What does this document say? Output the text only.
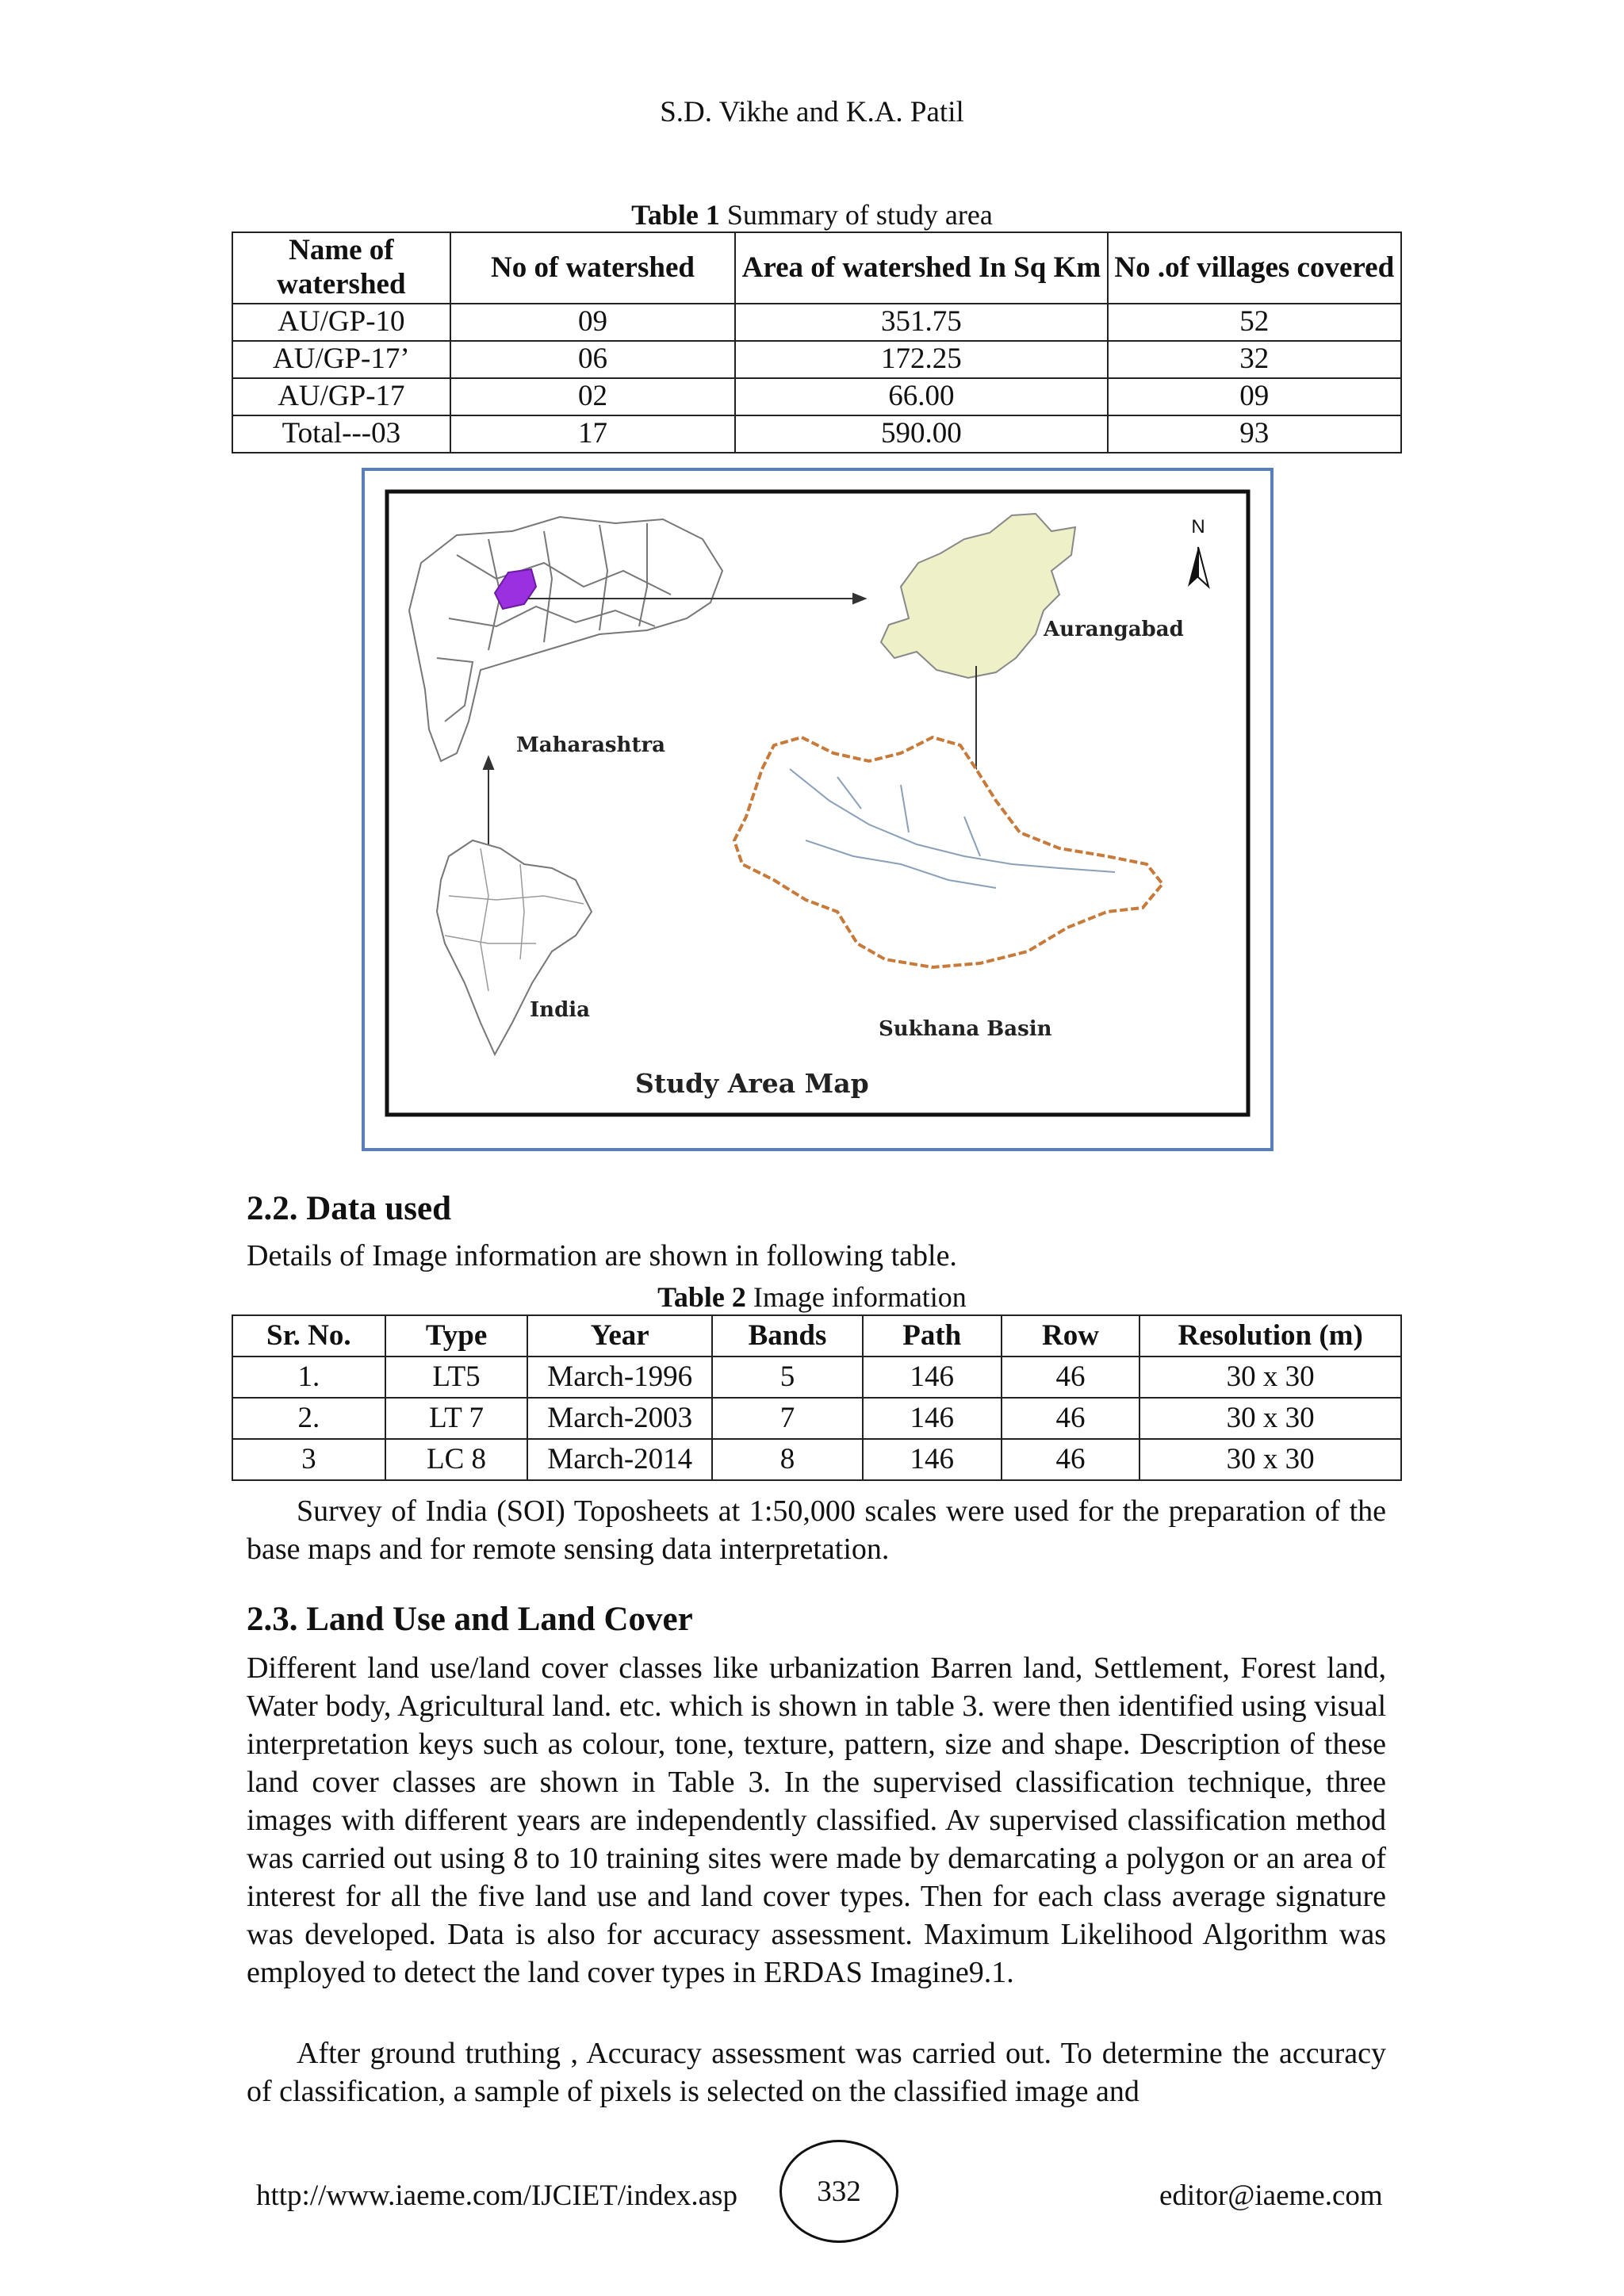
S.D. Vikhe and K.A. Patil
Table 1 Summary of study area
Name of watershed	No of watershed	Area of watershed In Sq Km	No .of villages covered
AU/GP-10	09	351.75	52
AU/GP-17’	06	172.25	32
AU/GP-17	02	66.00	09
Total---03	17	590.00	93
N
Maharashtra
Aurangabad
India
Sukhana Basin
Study Area Map
2.2. Data used

Details of Image information are shown in following table.

Table 2 Image information
Sr. No.	Type	Year	Bands	Path	Row	Resolution (m)
1.	LT5	March-1996	5	146	46	30 x 30
2.	LT 7	March-2003	7	146	46	30 x 30
3	LC 8	March-2014	8	146	46	30 x 30

Survey of India (SOI) Toposheets at 1:50,000 scales were used for the preparation of the base maps and for remote sensing data interpretation.

2.3. Land Use and Land Cover

Different land use/land cover classes like urbanization Barren land, Settlement, Forest land, Water body, Agricultural land. etc. which is shown in table 3. were then identified using visual interpretation keys such as colour, tone, texture, pattern, size and shape. Description of these land cover classes are shown in Table 3. In the supervised classification technique, three images with different years are independently classified. Av supervised classification method was carried out using 8 to 10 training sites were made by demarcating a polygon or an area of interest for all the five land use and land cover types. Then for each class average signature was developed. Data is also for accuracy assessment. Maximum Likelihood Algorithm was employed to detect the land cover types in ERDAS Imagine9.1.

After ground truthing , Accuracy assessment was carried out. To determine the accuracy of classification, a sample of pixels is selected on the classified image and

http://www.iaeme.com/IJCIET/index.asp	332	editor@iaeme.com
